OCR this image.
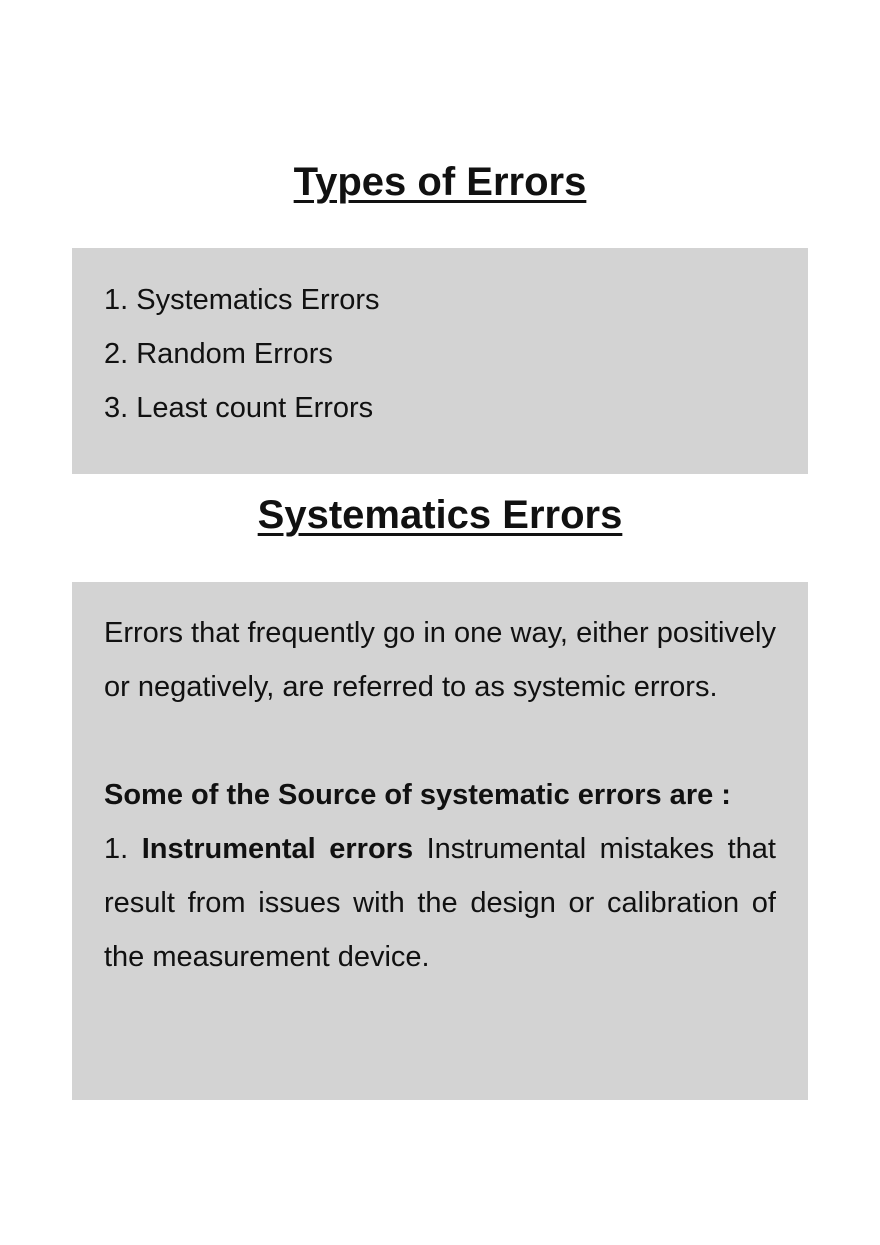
Types of Errors
1. Systematics Errors
2. Random Errors
3. Least count Errors
Systematics Errors

Errors that frequently go in one way, either positively or negatively, are referred to as systemic errors.

Some of the Source of systematic errors are :

1. Instrumental errors Instrumental mistakes that result from issues with the design or calibration of the measurement device.
